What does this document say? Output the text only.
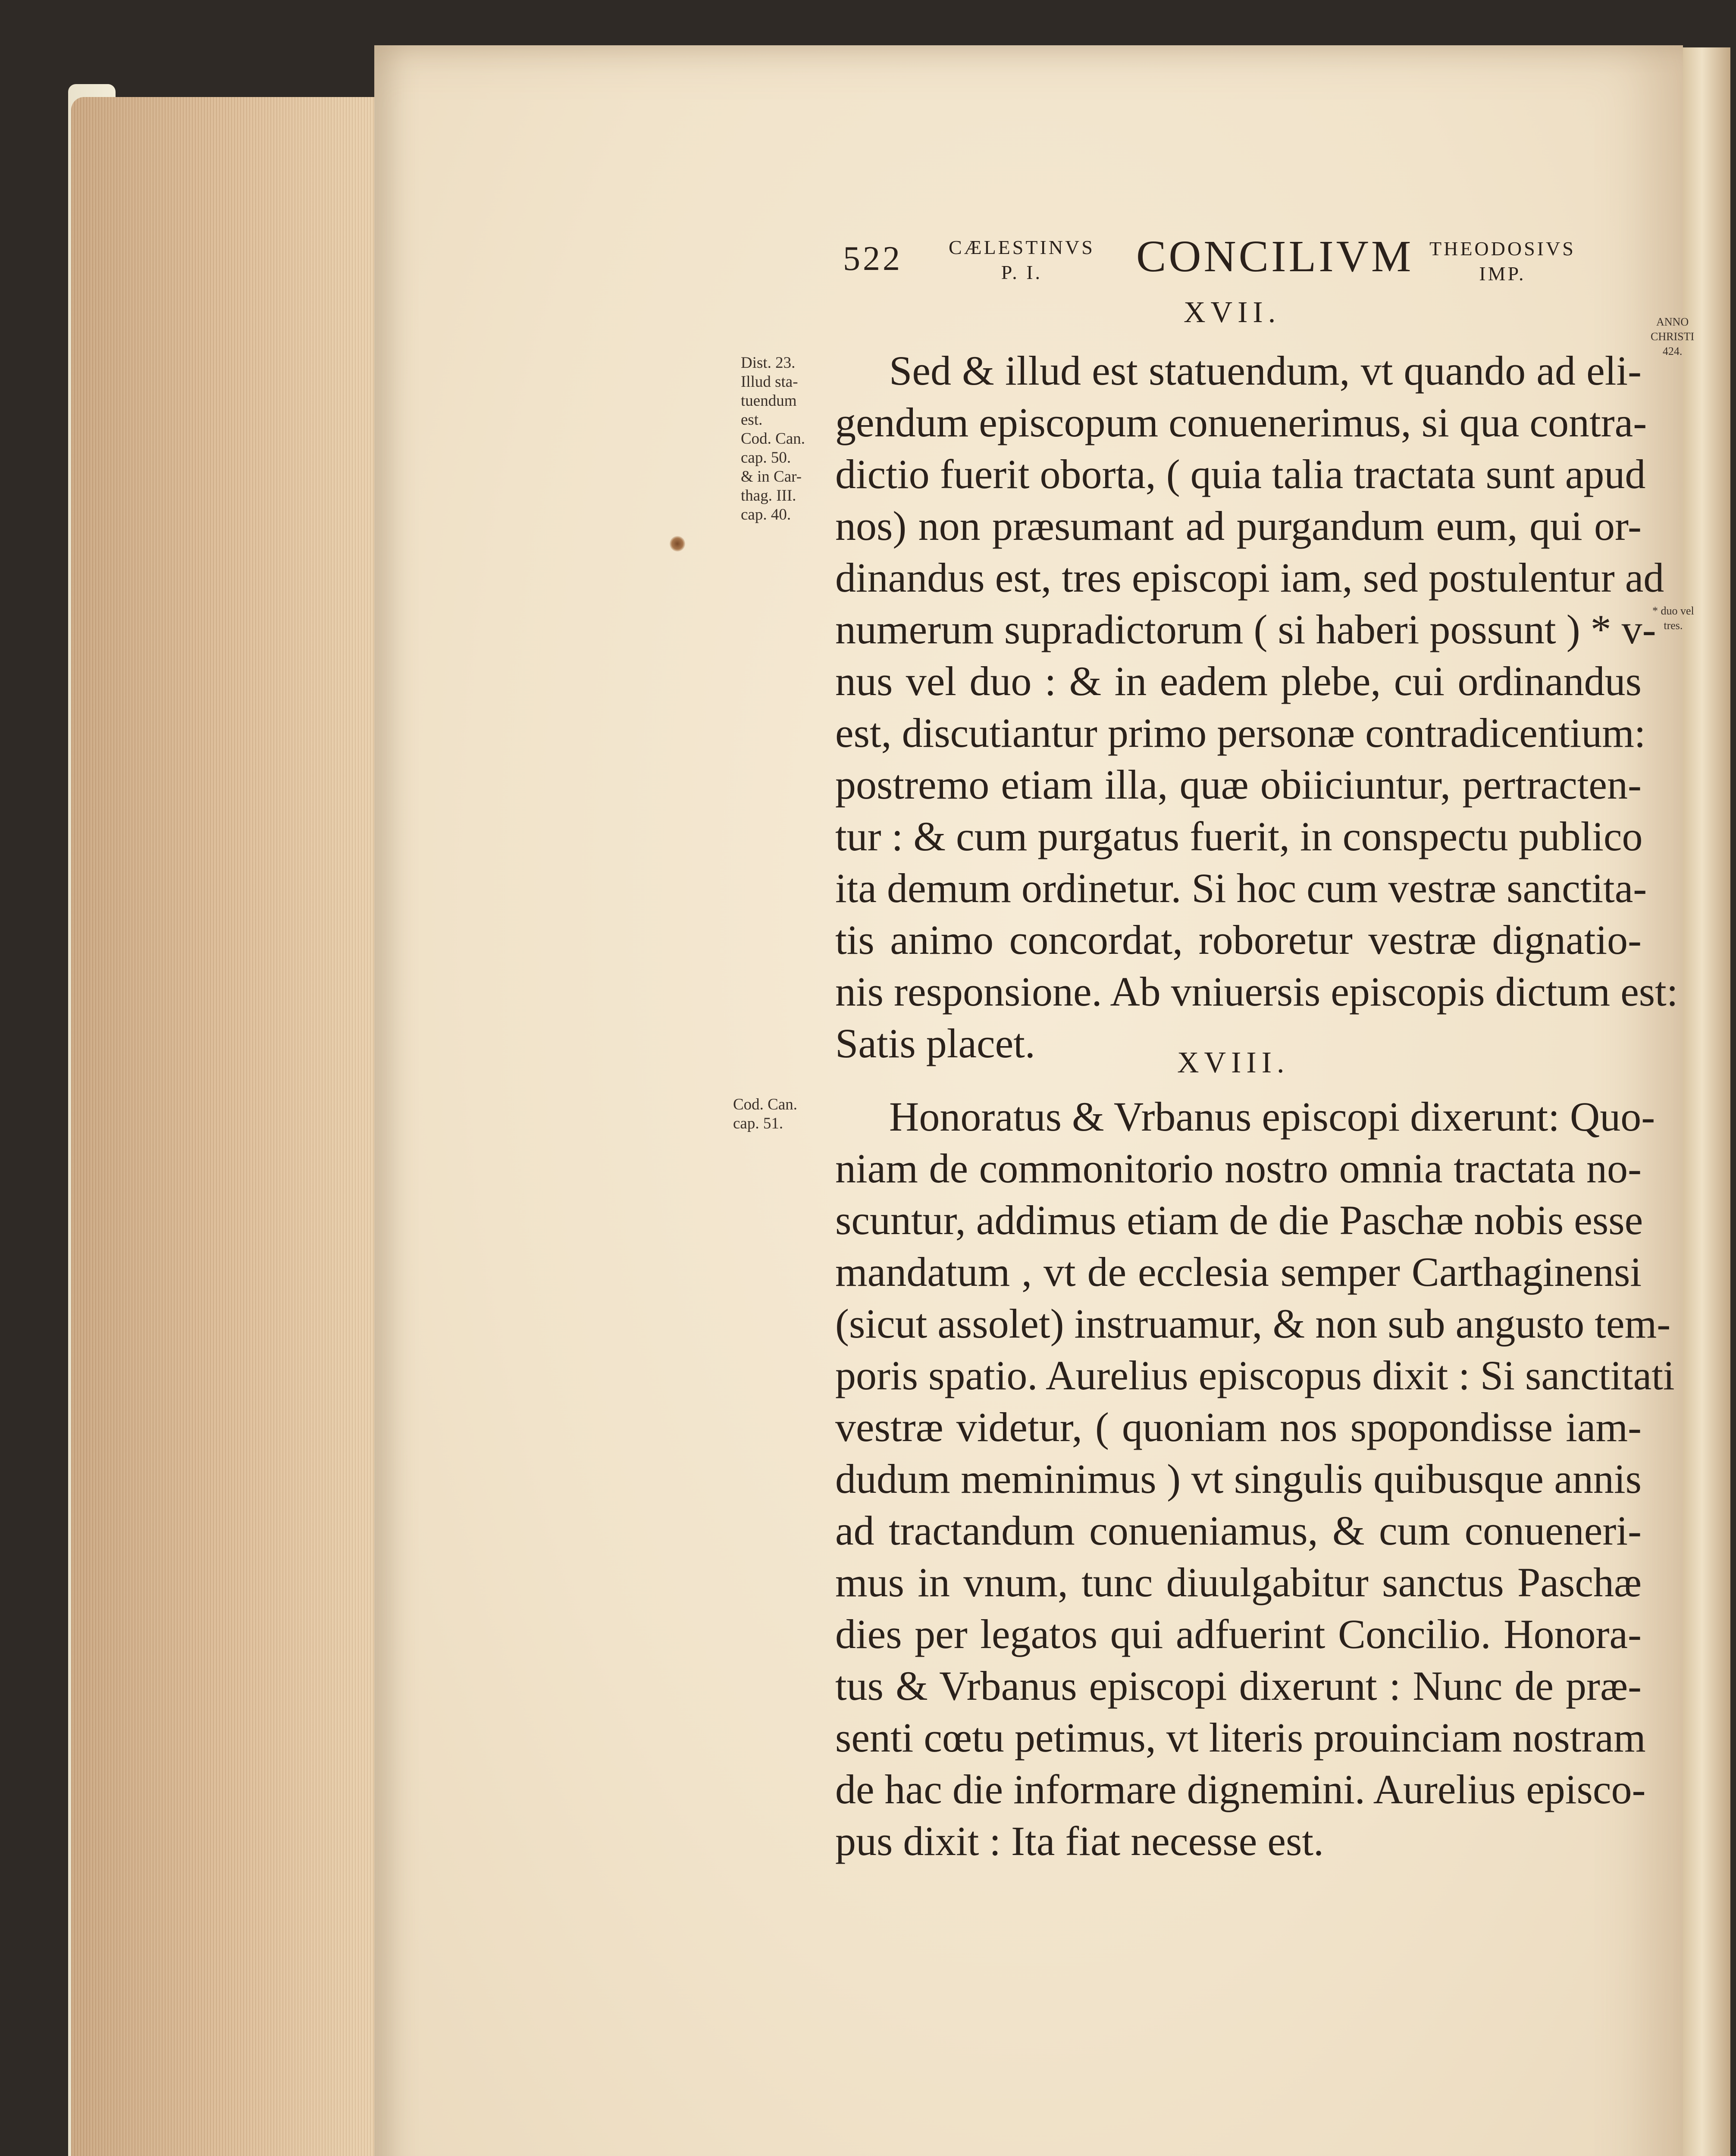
522 CÆLESTINVS
P. I.	CONCILIVM THEODOSIVS
IMP.
ANNO
CHRISTI
424.

XVII.

Dist. 23.
Illud sta-
tuendum
est.
Cod. Can.
cap. 50.
& in Car-
thag. III.
cap. 40.
* duo vel
tres.
Sed & illud est statuendum, vt quando ad eli-
gendum episcopum conuenerimus, si qua contra-
dictio fuerit oborta, ( quia talia tractata sunt apud
nos) non præsumant ad purgandum eum, qui or-
dinandus est, tres episcopi iam, sed postulentur ad
numerum supradictorum ( si haberi possunt ) * v-
nus vel duo : & in eadem plebe, cui ordinandus
est, discutiantur primo personæ contradicentium:
postremo etiam illa, quæ obiiciuntur, pertracten-
tur : & cum purgatus fuerit, in conspectu publico
ita demum ordinetur. Si hoc cum vestræ sanctita-
tis animo concordat, roboretur vestræ dignatio-
nis responsione. Ab vniuersis episcopis dictum est:
Satis placet.	XVIII.

Cod. Can.
cap. 51.	Honoratus & Vrbanus episcopi dixerunt: Quo-
niam de commonitorio nostro omnia tractata no-
scuntur, addimus etiam de die Paschæ nobis esse
mandatum , vt de ecclesia semper Carthaginensi
(sicut assolet) instruamur, & non sub angusto tem-
poris spatio. Aurelius episcopus dixit : Si sanctitati
vestræ videtur, ( quoniam nos spopondisse iam-
dudum meminimus ) vt singulis quibusque annis
ad tractandum conueniamus, & cum conueneri-
mus in vnum, tunc diuulgabitur sanctus Paschæ
dies per legatos qui adfuerint Concilio. Honora-
tus & Vrbanus episcopi dixerunt : Nunc de præ-
senti cœtu petimus, vt literis prouinciam nostram
de hac die informare dignemini. Aurelius episco-
pus dixit : Ita fiat necesse est.
